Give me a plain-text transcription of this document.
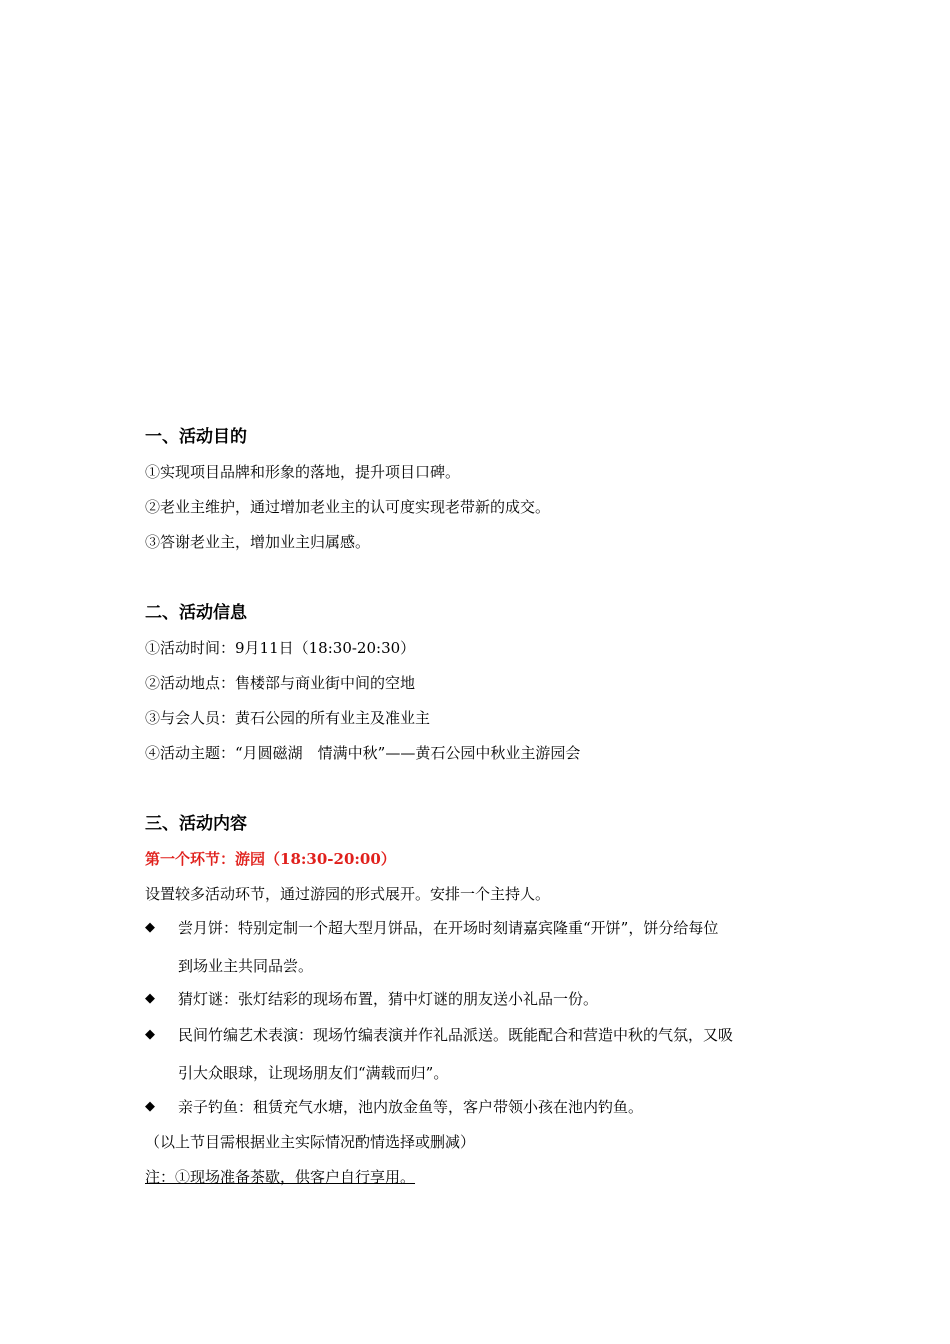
一、活动目的
①实现项目品牌和形象的落地，提升项目口碑。
②老业主维护，通过增加老业主的认可度实现老带新的成交。
③答谢老业主，增加业主归属感。
二、活动信息
①活动时间：9月11日（18:30-20:30）
②活动地点：售楼部与商业街中间的空地
③与会人员：黄石公园的所有业主及准业主
④活动主题：“月圆磁湖　情满中秋”——黄石公园中秋业主游园会
三、活动内容
第一个环节：游园（18:30-20:00）
设置较多活动环节，通过游园的形式展开。安排一个主持人。
◆ 尝月饼：特别定制一个超大型月饼品，在开场时刻请嘉宾隆重“开饼”，饼分给每位
到场业主共同品尝。
◆ 猜灯谜：张灯结彩的现场布置，猜中灯谜的朋友送小礼品一份。
◆ 民间竹编艺术表演：现场竹编表演并作礼品派送。既能配合和营造中秋的气氛，又吸
引大众眼球，让现场朋友们“满载而归”。
◆ 亲子钓鱼：租赁充气水塘，池内放金鱼等，客户带领小孩在池内钓鱼。
（以上节目需根据业主实际情况酌情选择或删减）
注：①现场准备茶歇，供客户自行享用。
